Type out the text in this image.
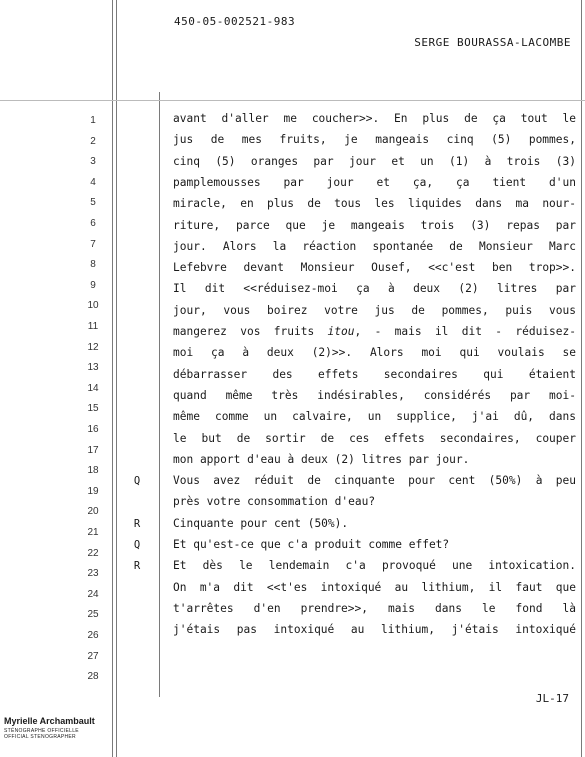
450-05-002521-983
SERGE BOURASSA-LACOMBE
1
2
3
4
5
6
7
8
9
10
11
12
13
14
15
16
17
18
19
20
21
22
23
24
25
26
27
28
avant d'aller me coucher>>. En plus de ça tout le
jus de mes fruits, je mangeais cinq (5) pommes,
cinq (5) oranges par jour et un (1) à trois (3)
pamplemousses par jour et ça, ça tient d'un
miracle, en plus de tous les liquides dans ma nour-
riture, parce que je mangeais trois (3) repas par
jour. Alors la réaction spontanée de Monsieur Marc
Lefebvre devant Monsieur Ousef, <<c'est ben trop>>.
Il dit <<réduisez-moi ça à deux (2) litres par
jour, vous boirez votre jus de pommes, puis vous
mangerez vos fruits itou, - mais il dit - réduisez-
moi ça à deux (2)>>. Alors moi qui voulais se
débarrasser des effets secondaires qui étaient
quand même très indésirables, considérés par moi-
même comme un calvaire, un supplice, j'ai dû, dans
le but de sortir de ces effets secondaires, couper
mon apport d'eau à deux (2) litres par jour.
Q	Vous avez réduit de cinquante pour cent (50%) à peu
près votre consommation d'eau?
R	Cinquante pour cent (50%).
Q	Et qu'est-ce que c'a produit comme effet?
R	Et dès le lendemain c'a provoqué une intoxication.
On m'a dit <<t'es intoxiqué au lithium, il faut que
t'arrêtes d'en prendre>>, mais dans le fond là
j'étais pas intoxiqué au lithium, j'étais intoxiqué
JL-17
Myrielle Archambault
STÉNOGRAPHE OFFICIELLE
OFFICIAL STENOGRAPHER
